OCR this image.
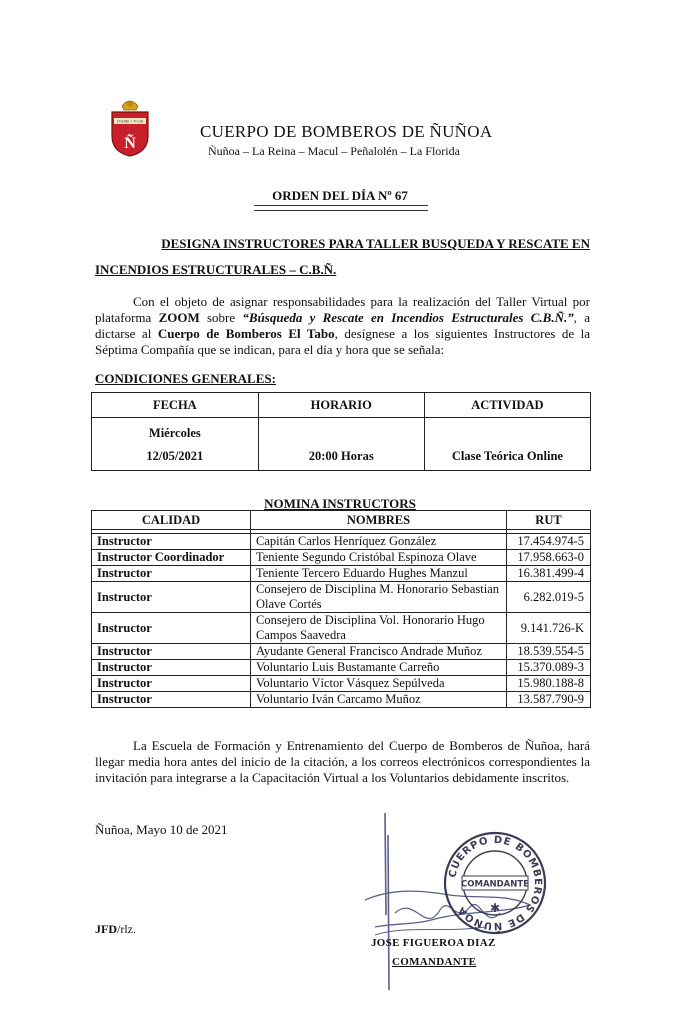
COLINA • 7ª CIA
Ñ
CUERPO DE BOMBEROS DE ÑUÑOA
Ñuñoa – La Reina – Macul – Peñalolén – La Florida
ORDEN DEL DÍA Nº 67
DESIGNA INSTRUCTORES PARA TALLER BUSQUEDA Y RESCATE EN
INCENDIOS ESTRUCTURALES – C.B.Ñ.
Con el objeto de asignar responsabilidades para la realización del Taller Virtual por plataforma ZOOM sobre “Búsqueda y Rescate en Incendios Estructurales C.B.Ñ.”, a dictarse al Cuerpo de Bomberos El Tabo, desígnese a los siguientes Instructores de la Séptima Compañía que se indican, para el día y hora que se señala:
CONDICIONES GENERALES:
FECHA	HORARIO	ACTIVIDAD

Miércoles
12/05/2021	20:00 Horas	Clase Teórica Online
NOMINA INSTRUCTORS
CALIDAD	NOMBRES	RUT

Instructor	Capitán Carlos Henríquez González	17.454.974-5
Instructor Coordinador	Teniente Segundo Cristóbal Espinoza Olave	17.958.663-0
Instructor	Teniente Tercero Eduardo Hughes Manzul	16.381.499-4
Instructor	Consejero de Disciplina M. Honorario Sebastian Olave Cortés	6.282.019-5
Instructor	Consejero de Disciplina Vol. Honorario Hugo Campos Saavedra	9.141.726-K
Instructor	Ayudante General Francisco Andrade Muñoz	18.539.554-5
Instructor	Voluntario Luis Bustamante Carreño	15.370.089-3
Instructor	Voluntario Víctor Vásquez Sepúlveda	15.980.188-8
Instructor	Voluntario Iván Carcamo Muñoz	13.587.790-9
La Escuela de Formación y Entrenamiento del Cuerpo de Bomberos de Ñuñoa, hará llegar media hora antes del inicio de la citación, a los correos electrónicos correspondientes la invitación para integrarse a la Capacitación Virtual a los Voluntarios debidamente inscritos.
Ñuñoa, Mayo 10 de 2021
JFD/rlz.
CUERPO DE BOMBEROS DE ÑUÑOA
COMANDANTE
✱
JOSE FIGUEROA DIAZ
COMANDANTE
